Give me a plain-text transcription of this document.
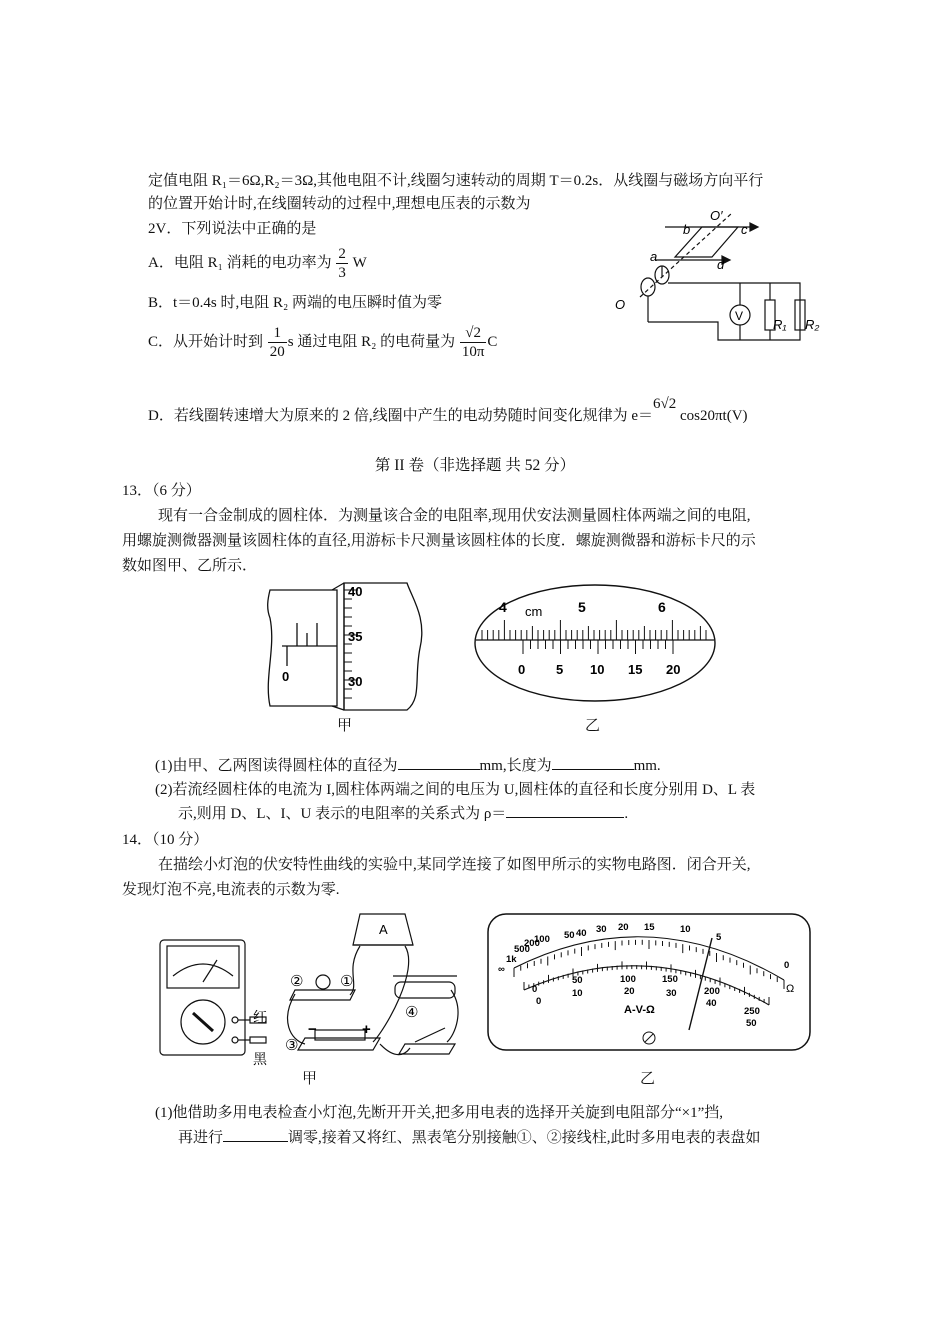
定值电阻 R₁＝6Ω,R₂＝3Ω,其他电阻不计,线圈匀速转动的周期 T＝0.2s．从线圈与磁场方向平行
的位置开始计时,在线圈转动的过程中,理想电压表的示数为
2V．下列说法中正确的是
A．电阻 R₁ 消耗的电功率为 $\frac{2}{3}$ W
B．t＝0.4s 时,电阻 R₂ 两端的电压瞬时值为零
C．从开始计时到 $\frac{1}{20}$ s 通过电阻 R₂ 的电荷量为 $\frac{√2}{10\pi}$ C
D．若线圈转速增大为原来的 2 倍,线圈中产生的电动势随时间变化规律为 e＝6√2 cos20πt(V)
O′
O
b	c
a
d
V
R₁ R₂
第 II 卷（非选择题 共 52 分）
13．（6 分）
现有一合金制成的圆柱体．为测量该合金的电阻率,现用伏安法测量圆柱体两端之间的电阻,
用螺旋测微器测量该圆柱体的直径,用游标卡尺测量该圆柱体的长度．螺旋测微器和游标卡尺的示
数如图甲、乙所示．
40
35
30
0
甲
4 cm	5	6
0 5 10 15 20
乙
(1)由甲、乙两图读得圆柱体的直径为	mm,长度为	mm.
(2)若流经圆柱体的电流为 I,圆柱体两端之间的电压为 U,圆柱体的直径和长度分别用 D、L 表
示,则用 D、L、I、U 表示的电阻率的关系式为 ρ＝	.
14．（10 分）
在描绘小灯泡的伏安特性曲线的实验中,某同学连接了如图甲所示的实物电路图．闭合开关,
发现灯泡不亮,电流表的示数为零.
红
黑
② ①
③
④
A
−	+
甲
∞
1k
500
200
100 50 40 30 20 15	10
5
0
0
50	100	150
200
250
0
10	20	30
40
50
Ω
A-V-Ω
乙
(1)他借助多用电表检查小灯泡,先断开开关,把多用电表的选择开关旋到电阻部分“×1”挡,
再进行	调零,接着又将红、黑表笔分别接触①、②接线柱,此时多用电表的表盘如
